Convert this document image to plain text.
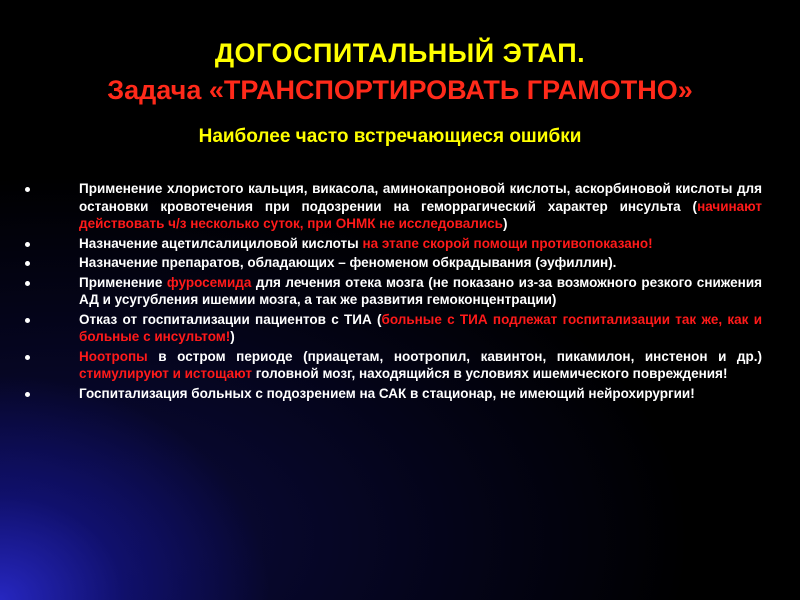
ДОГОСПИТАЛЬНЫЙ ЭТАП.
Задача «ТРАНСПОРТИРОВАТЬ ГРАМОТНО»
Наиболее часто встречающиеся ошибки
Применение хлористого кальция, викасола, аминокапроновой кислоты, аскорбиновой кислоты для остановки кровотечения при подозрении на геморрагический характер инсульта (начинают действовать ч/з несколько суток, при ОНМК не исследовались)
Назначение ацетилсалициловой кислоты на этапе скорой помощи противопоказано!
Назначение препаратов, обладающих – феноменом обкрадывания (эуфиллин).
Применение фуросемида для лечения отека мозга (не показано из-за возможного резкого снижения АД и усугубления ишемии мозга, а так же развития гемоконцентрации)
Отказ от госпитализации пациентов с ТИА (больные с ТИА подлежат госпитализации так же, как и больные с инсультом!)
Ноотропы в остром периоде (приацетам, ноотропил, кавинтон, пикамилон, инстенон и др.) стимулируют и истощают головной мозг, находящийся в условиях ишемического повреждения!
Госпитализация больных с подозрением на САК в стационар, не имеющий нейрохирургии!
